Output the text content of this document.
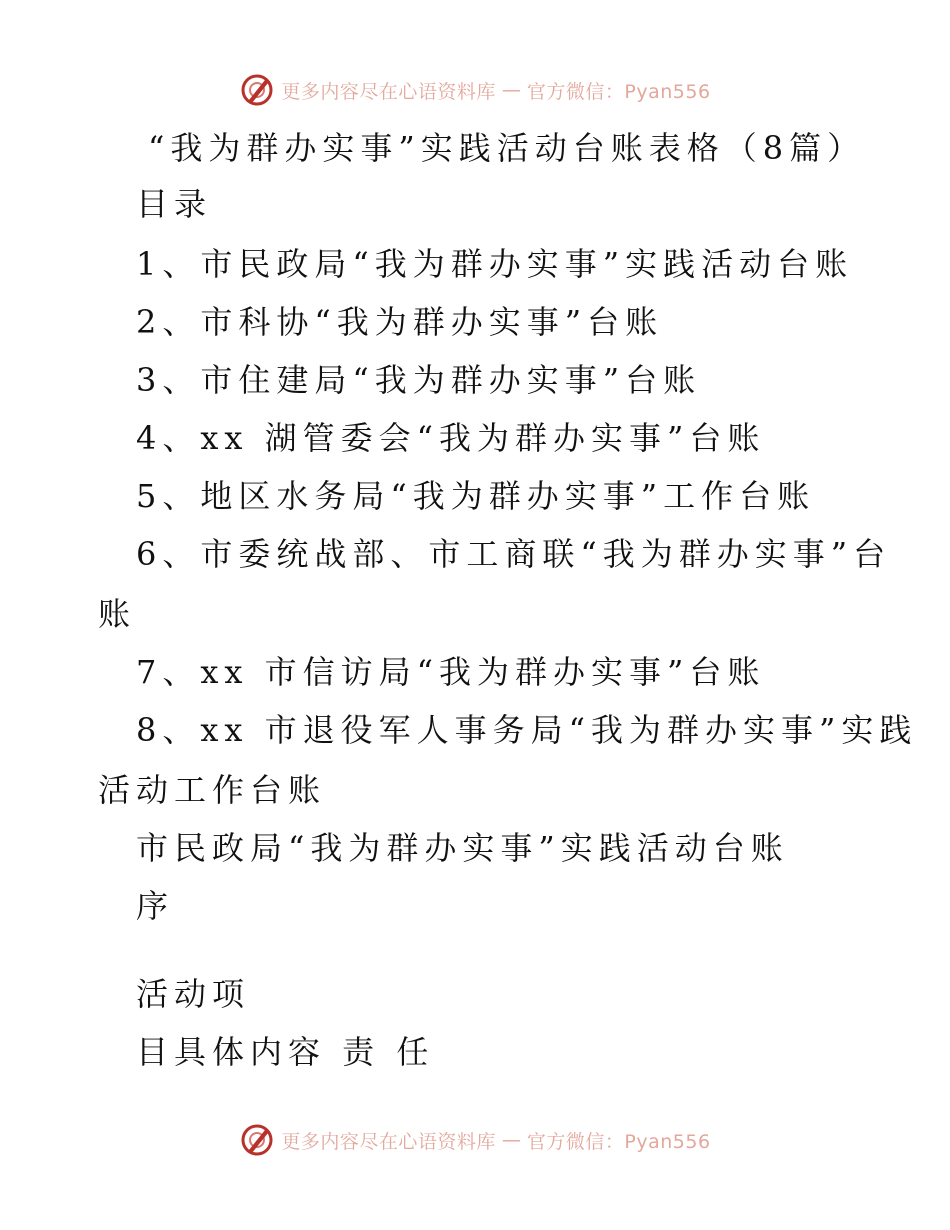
更多内容尽在心语资料库 — 官方微信：Pyan556
“我为群办实事”实践活动台账表格（8篇）
目录
1、市民政局“我为群办实事”实践活动台账
2、市科协“我为群办实事”台账
3、市住建局“我为群办实事”台账
4、xx 湖管委会“我为群办实事”台账
5、地区水务局“我为群办实事”工作台账
6、市委统战部、市工商联“我为群办实事”台
账
7、xx 市信访局“我为群办实事”台账
8、xx 市退役军人事务局“我为群办实事”实践
活动工作台账
市民政局“我为群办实事”实践活动台账
序
活动项
目具体内容 责 任
更多内容尽在心语资料库 — 官方微信：Pyan556
